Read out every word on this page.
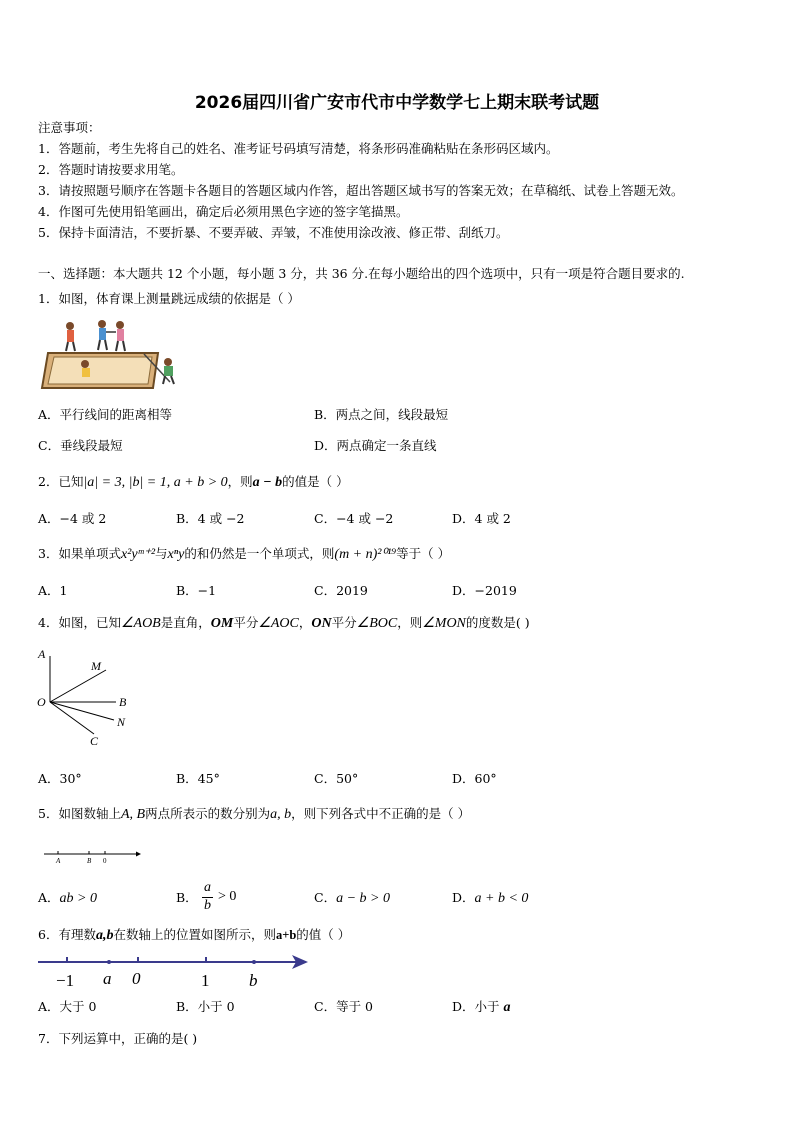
2026届四川省广安市代市中学数学七上期末联考试题
注意事项：
1．答题前，考生先将自己的姓名、准考证号码填写清楚，将条形码准确粘贴在条形码区域内。
2．答题时请按要求用笔。
3．请按照题号顺序在答题卡各题目的答题区域内作答，超出答题区域书写的答案无效；在草稿纸、试卷上答题无效。
4．作图可先使用铅笔画出，确定后必须用黑色字迹的签字笔描黑。
5．保持卡面清洁，不要折暴、不要弄破、弄皱，不准使用涂改液、修正带、刮纸刀。
一、选择题：本大题共 12 个小题，每小题 3 分，共 36 分.在每小题给出的四个选项中，只有一项是符合题目要求的.
1．如图，体育课上测量跳远成绩的依据是（ ）
A．平行线间的距离相等	B．两点之间，线段最短
C．垂线段最短	D．两点确定一条直线
2．已知|a| = 3, |b| = 1, a + b > 0，则a − b的值是（ ）
A．−4 或 2	B．4 或 −2	C．−4 或 −2	D．4 或 2
3．如果单项式x²yᵐ⁺²与xⁿy的和仍然是一个单项式，则(m + n)²⁰¹⁹等于（ ）
A．1	B．−1	C．2019	D．−2019
4．如图，已知∠AOB是直角，OM平分∠AOC，ON平分∠BOC，则∠MON的度数是( )
A
M
O	B
N
C
A．30°	B．45°	C．50°	D．60°
5．如图数轴上A, B两点所表示的数分别为a, b，则下列各式中不正确的是（ ）
A	B 0
A．ab > 0	B．
a
b
> 0	C．a − b > 0	D．a + b < 0
6．有理数a,b在数轴上的位置如图所示，则a+b的值（ ）
−1 a 0	1 b
A．大于 0	B．小于 0	C．等于 0	D．小于 a
7．下列运算中，正确的是( )
